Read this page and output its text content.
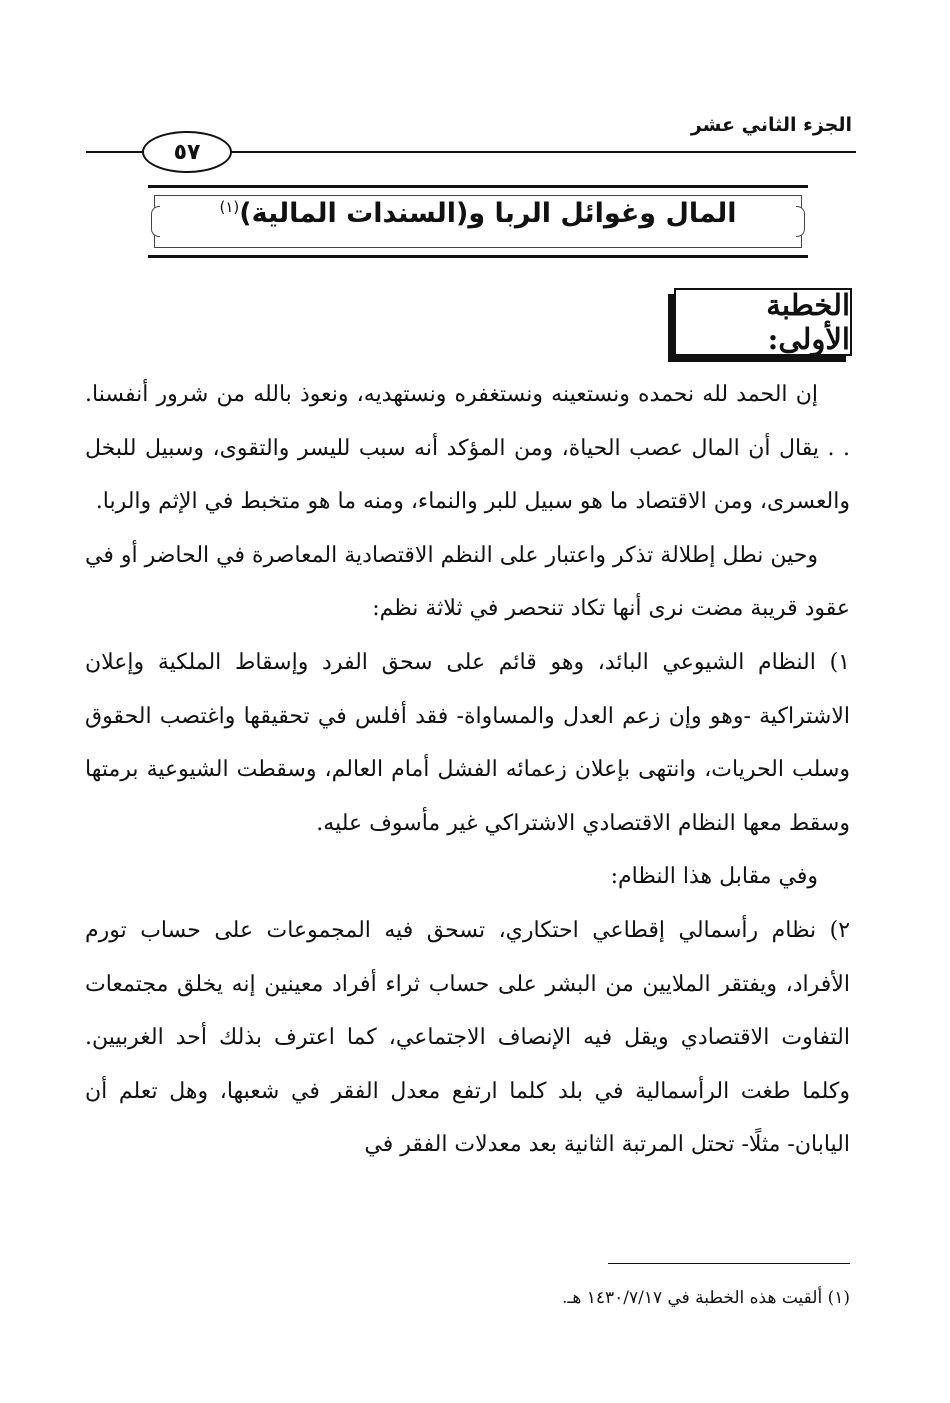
الجزء الثاني عشر
٥٧
المال وغوائل الربا و(السندات المالية)$^{(١)}$
الخطبة الأولى:

إن الحمد لله نحمده ونستعينه ونستغفره ونستهديه، ونعوذ بالله من شرور أنفسنا. . . يقال أن المال عصب الحياة، ومن المؤكد أنه سبب لليسر والتقوى، وسبيل للبخل والعسرى، ومن الاقتصاد ما هو سبيل للبر والنماء، ومنه ما هو متخبط في الإثم والربا.

وحين نطل إطلالة تذكر واعتبار على النظم الاقتصادية المعاصرة في الحاضر أو في عقود قريبة مضت نرى أنها تكاد تنحصر في ثلاثة نظم:

١) النظام الشيوعي البائد، وهو قائم على سحق الفرد وإسقاط الملكية وإعلان الاشتراكية -وهو وإن زعم العدل والمساواة- فقد أفلس في تحقيقها واغتصب الحقوق وسلب الحريات، وانتهى بإعلان زعمائه الفشل أمام العالم، وسقطت الشيوعية برمتها وسقط معها النظام الاقتصادي الاشتراكي غير مأسوف عليه.

وفي مقابل هذا النظام:

٢) نظام رأسمالي إقطاعي احتكاري، تسحق فيه المجموعات على حساب تورم الأفراد، ويفتقر الملايين من البشر على حساب ثراء أفراد معينين إنه يخلق مجتمعات التفاوت الاقتصادي ويقل فيه الإنصاف الاجتماعي، كما اعترف بذلك أحد الغربيين. وكلما طغت الرأسمالية في بلد كلما ارتفع معدل الفقر في شعبها، وهل تعلم أن اليابان- مثلًا- تحتل المرتبة الثانية بعد معدلات الفقر في

(١) ألقيت هذه الخطبة في ١٤٣٠/٧/١٧ هـ.
